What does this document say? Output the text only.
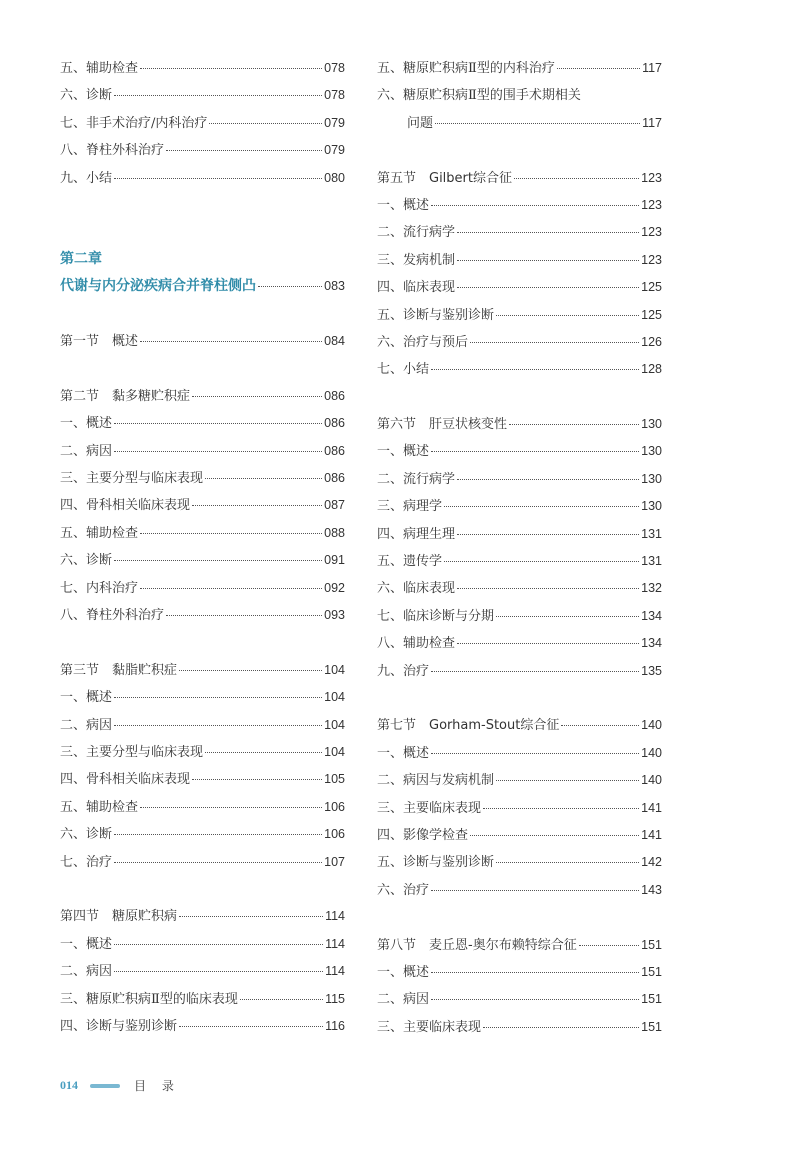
五、辅助检查	078
六、诊断	078
七、非手术治疗/内科治疗	079
八、脊柱外科治疗	079
九、小结	080
第二章
代谢与内分泌疾病合并脊柱侧凸	083
第一节　概述	084
第二节　黏多糖贮积症	086
一、概述	086
二、病因	086
三、主要分型与临床表现	086
四、骨科相关临床表现	087
五、辅助检查	088
六、诊断	091
七、内科治疗	092
八、脊柱外科治疗	093
第三节　黏脂贮积症	104
一、概述	104
二、病因	104
三、主要分型与临床表现	104
四、骨科相关临床表现	105
五、辅助检查	106
六、诊断	106
七、治疗	107
第四节　糖原贮积病	114
一、概述	114
二、病因	114
三、糖原贮积病Ⅱ型的临床表现	115
四、诊断与鉴别诊断	116
五、糖原贮积病Ⅱ型的内科治疗	117
六、糖原贮积病Ⅱ型的围手术期相关
问题	117
第五节　Gilbert综合征	123
一、概述	123
二、流行病学	123
三、发病机制	123
四、临床表现	125
五、诊断与鉴别诊断	125
六、治疗与预后	126
七、小结	128
第六节　肝豆状核变性	130
一、概述	130
二、流行病学	130
三、病理学	130
四、病理生理	131
五、遗传学	131
六、临床表现	132
七、临床诊断与分期	134
八、辅助检查	134
九、治疗	135
第七节　Gorham-Stout综合征	140
一、概述	140
二、病因与发病机制	140
三、主要临床表现	141
四、影像学检查	141
五、诊断与鉴别诊断	142
六、治疗	143
第八节　麦丘恩-奥尔布赖特综合征	151
一、概述	151
二、病因	151
三、主要临床表现	151
014	目 录
